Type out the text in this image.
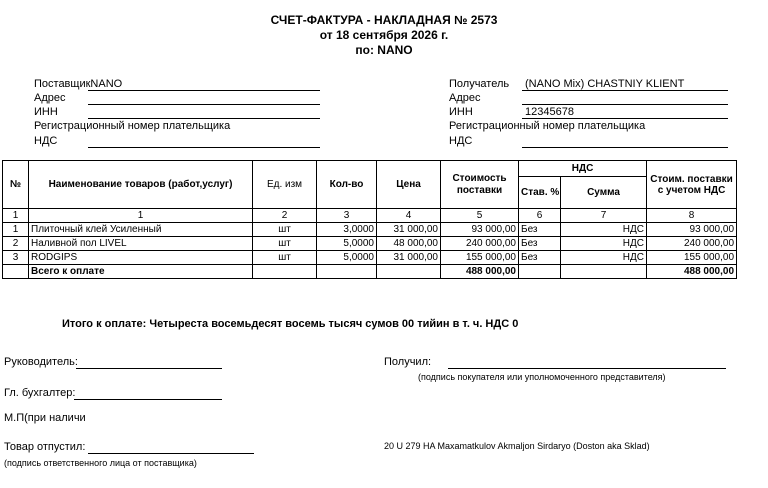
СЧЕТ-ФАКТУРА - НАКЛАДНАЯ № 2573
от 18 сентября 2026 г.
по: NANO
ПоставщикNANO
Адрес
ИНН
Регистрационный номер плательщика
НДС
Получатель (NANO Mix) CHASTNIY KLIENT
Адрес
ИНН	12345678
Регистрационный номер плательщика
НДС
№	Наименование товаров (работ,услуг)	Ед. изм	Кол-во	Цена	Стоимость поставки	НДС		Стоим. поставки с учетом НДС
						Став. %	Сумма	
1	1	2	3	4	5	6	7	8
1	Плиточный клей Усиленный	шт	3,0000	31 000,00	93 000,00	Без	НДС	93 000,00
2	Наливной пол LIVEL	шт	5,0000	48 000,00	240 000,00	Без	НДС	240 000,00
3	RODGIPS	шт	5,0000	31 000,00	155 000,00	Без	НДС	155 000,00
	Всего к оплате				488 000,00			488 000,00
Итого к оплате: Четыреста восемьдесят восемь тысяч сумов 00 тийин в т. ч. НДС 0
Руководитель:	Получил:
(подпись покупателя или уполномоченного представителя)
Гл. бухгалтер:
М.П(при наличи
Товар отпустил:
(подпись ответственного лица от поставщика)
20 U 279 HA Maxamatkulov Akmaljon Sirdaryo (Doston aka Sklad)
